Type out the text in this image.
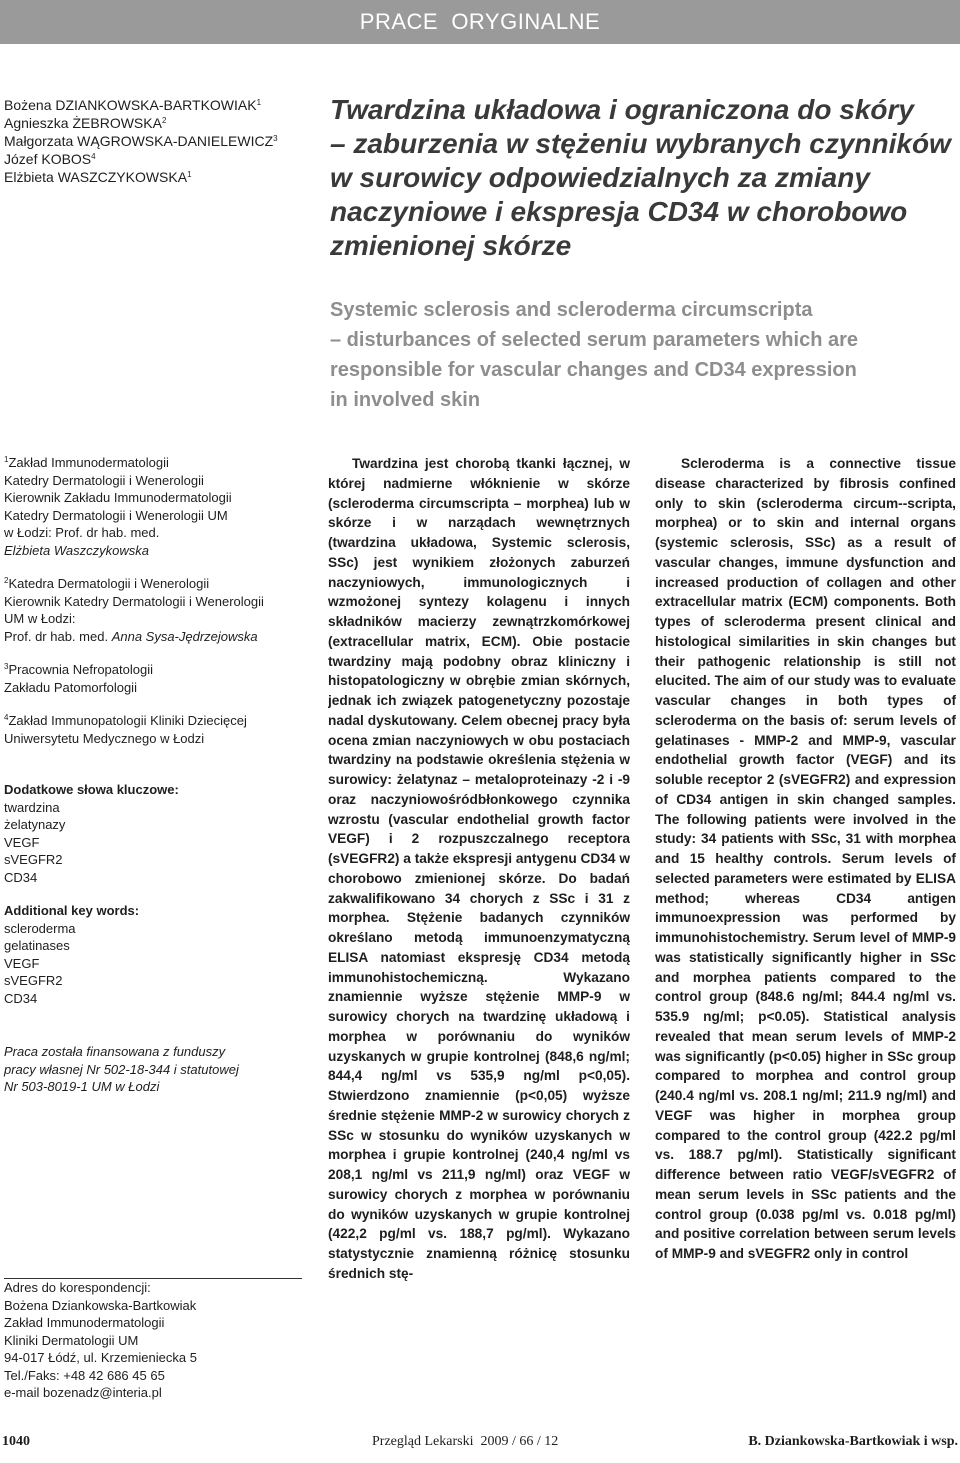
PRACE  ORYGINALNE
Bożena DZIANKOWSKA-BARTKOWIAK$^1$
Agnieszka ŻEBROWSKA$^2$
Małgorzata WĄGROWSKA-DANIELEWICZ$^3$
Józef KOBOS$^4$
Elżbieta WASZCZYKOWSKA$^1$
Twardzina układowa i ograniczona do skóry
– zaburzenia w stężeniu wybranych czynników
w surowicy odpowiedzialnych za zmiany
naczyniowe i ekspresja CD34 w chorobowo
zmienionej skórze
Systemic sclerosis and scleroderma circumscripta
– disturbances of selected serum parameters which are
responsible for vascular changes and CD34 expression
in involved skin
$^1$Zakład Immunodermatologii
Katedry Dermatologii i Wenerologii
Kierownik Zakładu Immunodermatologii
Katedry Dermatologii i Wenerologii UM
w Łodzi: Prof. dr hab. med.
Elżbieta Waszczykowska
$^2$Katedra Dermatologii i Wenerologii
Kierownik Katedry Dermatologii i Wenerologii
UM w Łodzi:
Prof. dr hab. med. Anna Sysa-Jędrzejowska
$^3$Pracownia Nefropatologii
Zakładu Patomorfologii
$^4$Zakład Immunopatologii Kliniki Dziecięcej
Uniwersytetu Medycznego w Łodzi
Dodatkowe słowa kluczowe:
twardzina
żelatynazy
VEGF
sVEGFR2
CD34
Additional key words:
scleroderma
gelatinases
VEGF
sVEGFR2
CD34
Praca została finansowana z funduszy
pracy własnej Nr 502-18-344 i statutowej
Nr 503-8019-1 UM w Łodzi
Adres do korespondencji:
Bożena Dziankowska-Bartkowiak
Zakład Immunodermatologii
Kliniki Dermatologii UM
94-017 Łódź, ul. Krzemieniecka 5
Tel./Faks: +48 42 686 45 65
e-mail bozenadz@interia.pl
Twardzina jest chorobą tkanki łącznej, w której nadmierne włóknienie w skórze (scleroderma circumscripta – morphea) lub w skórze i w narządach wewnętrznych (twardzina układowa, Systemic sclerosis, SSc) jest wynikiem złożonych zaburzeń naczyniowych, immunologicznych i wzmożonej syntezy kolagenu i innych składników macierzy zewnątrzkomórkowej (extracellular matrix, ECM). Obie postacie twardziny mają podobny obraz kliniczny i histopatologiczny w obrębie zmian skórnych, jednak ich związek patogenetyczny pozostaje nadal dyskutowany. Celem obecnej pracy była ocena zmian naczyniowych w obu postaciach twardziny na podstawie określenia stężenia w surowicy: żelatynaz – metaloproteinazy -2 i -9 oraz naczyniowośródbłonkowego czynnika wzrostu (vascular endothelial growth factor VEGF) i 2 rozpuszczalnego receptora (sVEGFR2) a także ekspresji antygenu CD34 w chorobowo zmienionej skórze. Do badań zakwalifikowano 34 chorych z SSc i 31 z morphea. Stężenie badanych czynników określano metodą immunoenzymatyczną ELISA natomiast ekspresję CD34 metodą immunohistochemiczną. Wykazano znamiennie wyższe stężenie MMP-9 w surowicy chorych na twardzinę układową i morphea w porównaniu do wyników uzyskanych w grupie kontrolnej (848,6 ng/ml; 844,4 ng/ml vs 535,9 ng/ml p<0,05). Stwierdzono znamiennie (p<0,05) wyższe średnie stężenie MMP-2 w surowicy chorych z SSc w stosunku do wyników uzyskanych w morphea i grupie kontrolnej (240,4 ng/ml vs 208,1 ng/ml vs 211,9 ng/ml) oraz VEGF w surowicy chorych z morphea w porównaniu do wyników uzyskanych w grupie kontrolnej (422,2 pg/ml vs. 188,7 pg/ml). Wykazano statystycznie znamienną różnicę stosunku średnich stę-
Scleroderma is a connective tissue disease characterized by fibrosis confined only to skin (scleroderma circum--scripta, morphea) or to skin and internal organs (systemic sclerosis, SSc) as a result of vascular changes, immune dysfunction and increased production of collagen and other extracellular matrix (ECM) components. Both types of scleroderma present clinical and histological similarities in skin changes but their pathogenic relationship is still not elucited. The aim of our study was to evaluate vascular changes in both types of scleroderma on the basis of: serum levels of gelatinases - MMP-2 and MMP-9, vascular endothelial growth factor (VEGF) and its soluble receptor 2 (sVEGFR2) and expression of CD34 antigen in skin changed samples. The following patients were involved in the study: 34 patients with SSc, 31 with morphea and 15 healthy controls. Serum levels of selected parameters were estimated by ELISA method; whereas CD34 antigen immunoexpression was performed by immunohistochemistry. Serum level of MMP-9 was statistically significantly higher in SSc and morphea patients compared to the control group (848.6 ng/ml; 844.4 ng/ml vs. 535.9 ng/ml; p<0.05). Statistical analysis revealed that mean serum levels of MMP-2 was significantly (p<0.05) higher in SSc group compared to morphea and control group (240.4 ng/ml vs. 208.1 ng/ml; 211.9 ng/ml) and VEGF was higher in morphea group compared to the control group (422.2 pg/ml vs. 188.7 pg/ml). Statistically significant difference between ratio VEGF/sVEGFR2 of mean serum levels in SSc patients and the control group (0.038 pg/ml vs. 0.018 pg/ml) and positive correlation between serum levels of MMP-9 and sVEGFR2 only in control
1040	Przegląd Lekarski  2009 / 66 / 12	B. Dziankowska-Bartkowiak i wsp.
